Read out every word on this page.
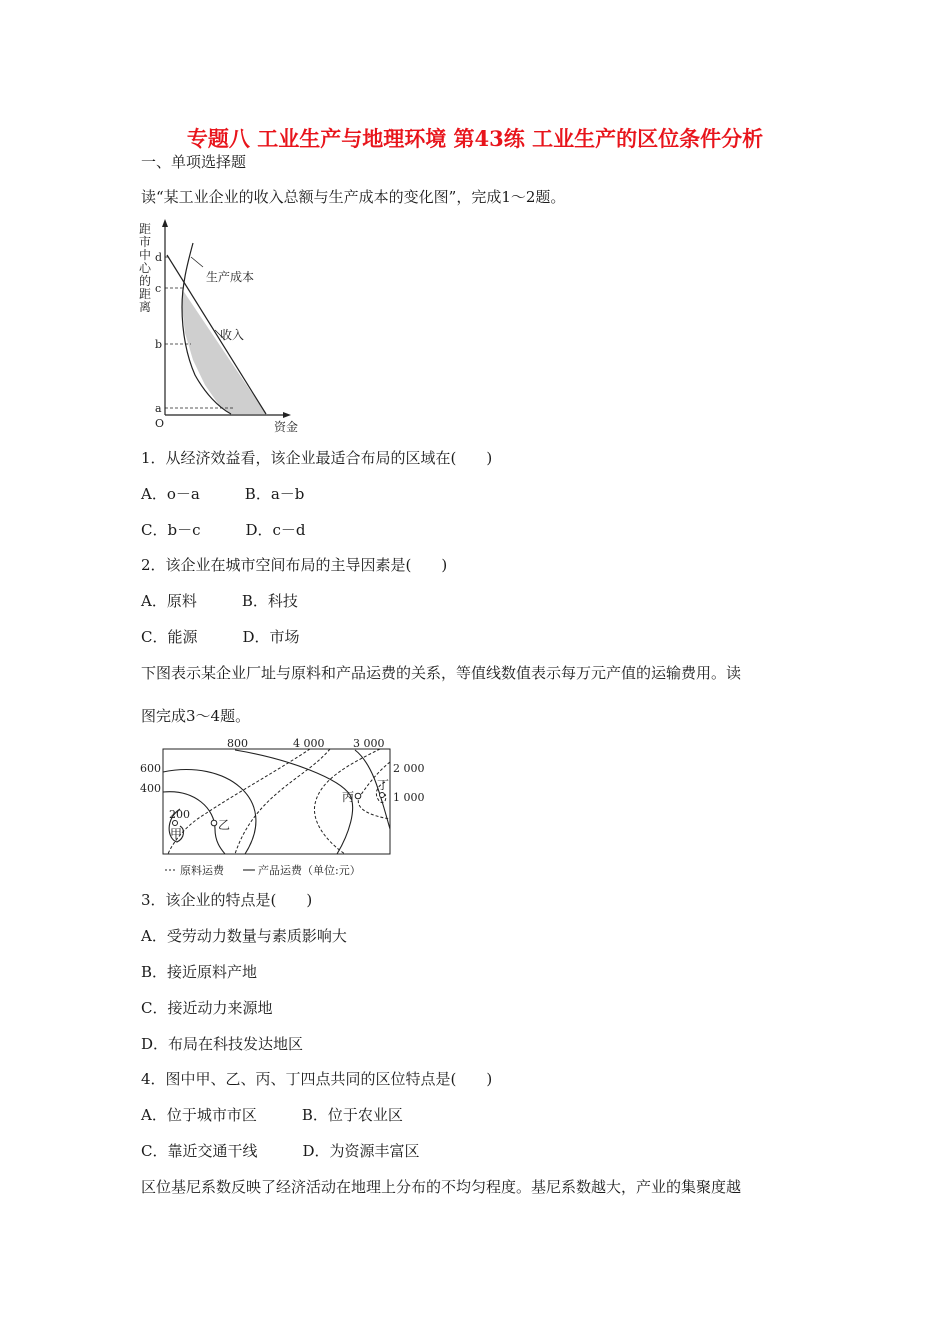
专题八 工业生产与地理环境 第43练 工业生产的区位条件分析
一、单项选择题
读“某工业企业的收入总额与生产成本的变化图”，完成1～2题。
距
市
中
心
的
距
离
a
b
c
d
O
生产成本
收入
资金
1．从经济效益看，该企业最适合布局的区域在(　　)
A．o－a　　　B．a－b
C．b－c　　　D．c－d
2．该企业在城市空间布局的主导因素是(　　)
A．原料　　　B．科技
C．能源　　　D．市场
下图表示某企业厂址与原料和产品运费的关系，等值线数值表示每万元产值的运输费用。读
图完成3～4题。
800	4 000	3 000
600
400
2 000
1 000
200
甲
乙
丙
丁
原料运费	产品运费（单位:元）
3．该企业的特点是(　　)
A．受劳动力数量与素质影响大
B．接近原料产地
C．接近动力来源地
D．布局在科技发达地区
4．图中甲、乙、丙、丁四点共同的区位特点是(　　)
A．位于城市市区　　　B．位于农业区
C．靠近交通干线　　　D．为资源丰富区
区位基尼系数反映了经济活动在地理上分布的不均匀程度。基尼系数越大，产业的集聚度越
